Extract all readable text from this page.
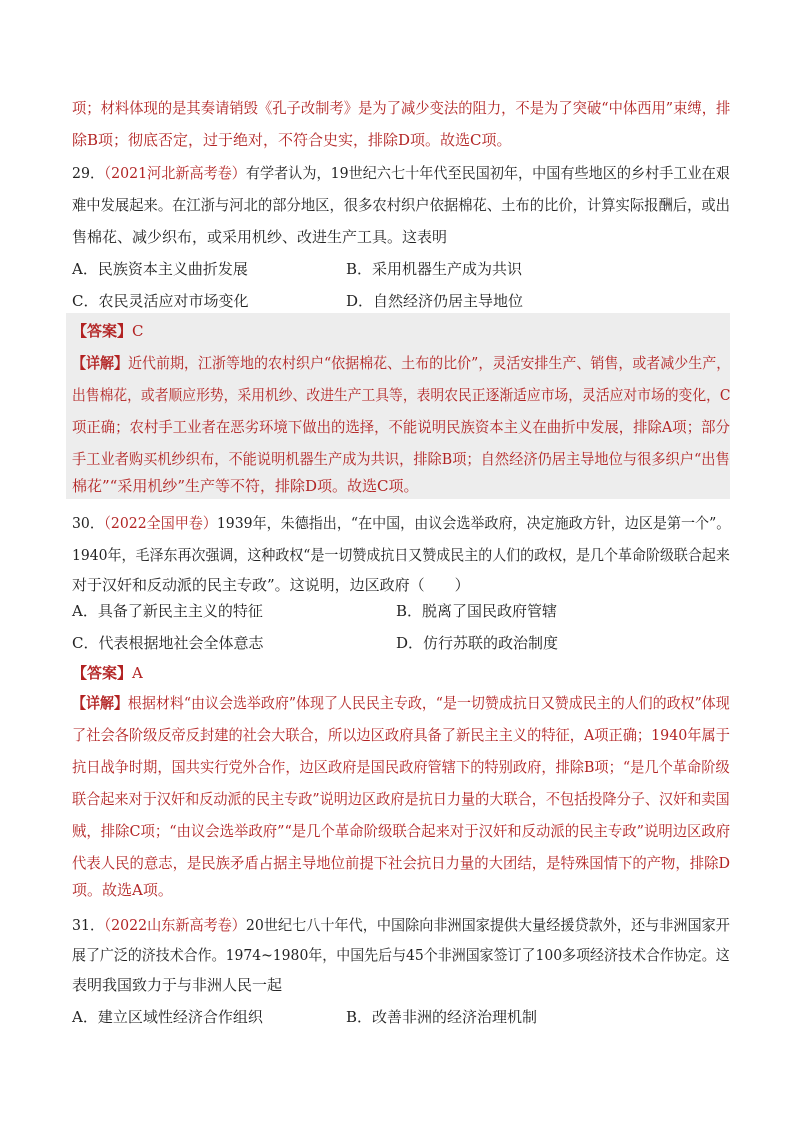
项；材料体现的是其奏请销毁《孔子改制考》是为了减少变法的阻力，不是为了突破“中体西用”束缚，排
除B项；彻底否定，过于绝对，不符合史实，排除D项。故选C项。
29．（2021河北新高考卷）有学者认为，19世纪六七十年代至民国初年，中国有些地区的乡村手工业在艰
难中发展起来。在江浙与河北的部分地区，很多农村织户依据棉花、土布的比价，计算实际报酬后，或出
售棉花、减少织布，或采用机纱、改进生产工具。这表明
A．民族资本主义曲折发展	B．采用机器生产成为共识
C．农民灵活应对市场变化	D．自然经济仍居主导地位
【答案】C
【详解】近代前期，江浙等地的农村织户“依据棉花、土布的比价”，灵活安排生产、销售，或者减少生产，
出售棉花，或者顺应形势，采用机纱、改进生产工具等，表明农民正逐渐适应市场，灵活应对市场的变化，C
项正确；农村手工业者在恶劣环境下做出的选择，不能说明民族资本主义在曲折中发展，排除A项；部分
手工业者购买机纱织布，不能说明机器生产成为共识，排除B项；自然经济仍居主导地位与很多织户“出售
棉花”“采用机纱”生产等不符，排除D项。故选C项。
30．（2022全国甲卷）1939年，朱德指出，“在中国，由议会选举政府，决定施政方针，边区是第一个”。
1940年，毛泽东再次强调，这种政权“是一切赞成抗日又赞成民主的人们的政权，是几个革命阶级联合起来
对于汉奸和反动派的民主专政”。这说明，边区政府（　　）
A．具备了新民主主义的特征	B．脱离了国民政府管辖
C．代表根据地社会全体意志	D．仿行苏联的政治制度
【答案】A
【详解】根据材料“由议会选举政府”体现了人民民主专政，“是一切赞成抗日又赞成民主的人们的政权”体现
了社会各阶级反帝反封建的社会大联合，所以边区政府具备了新民主主义的特征，A项正确；1940年属于
抗日战争时期，国共实行党外合作，边区政府是国民政府管辖下的特别政府，排除B项；“是几个革命阶级
联合起来对于汉奸和反动派的民主专政”说明边区政府是抗日力量的大联合，不包括投降分子、汉奸和卖国
贼，排除C项；“由议会选举政府”“是几个革命阶级联合起来对于汉奸和反动派的民主专政”说明边区政府
代表人民的意志，是民族矛盾占据主导地位前提下社会抗日力量的大团结，是特殊国情下的产物，排除D
项。故选A项。
31．（2022山东新高考卷）20世纪七八十年代，中国除向非洲国家提供大量经援贷款外，还与非洲国家开
展了广泛的济技术合作。1974~1980年，中国先后与45个非洲国家签订了100多项经济技术合作协定。这
表明我国致力于与非洲人民一起
A．建立区域性经济合作组织	B．改善非洲的经济治理机制
